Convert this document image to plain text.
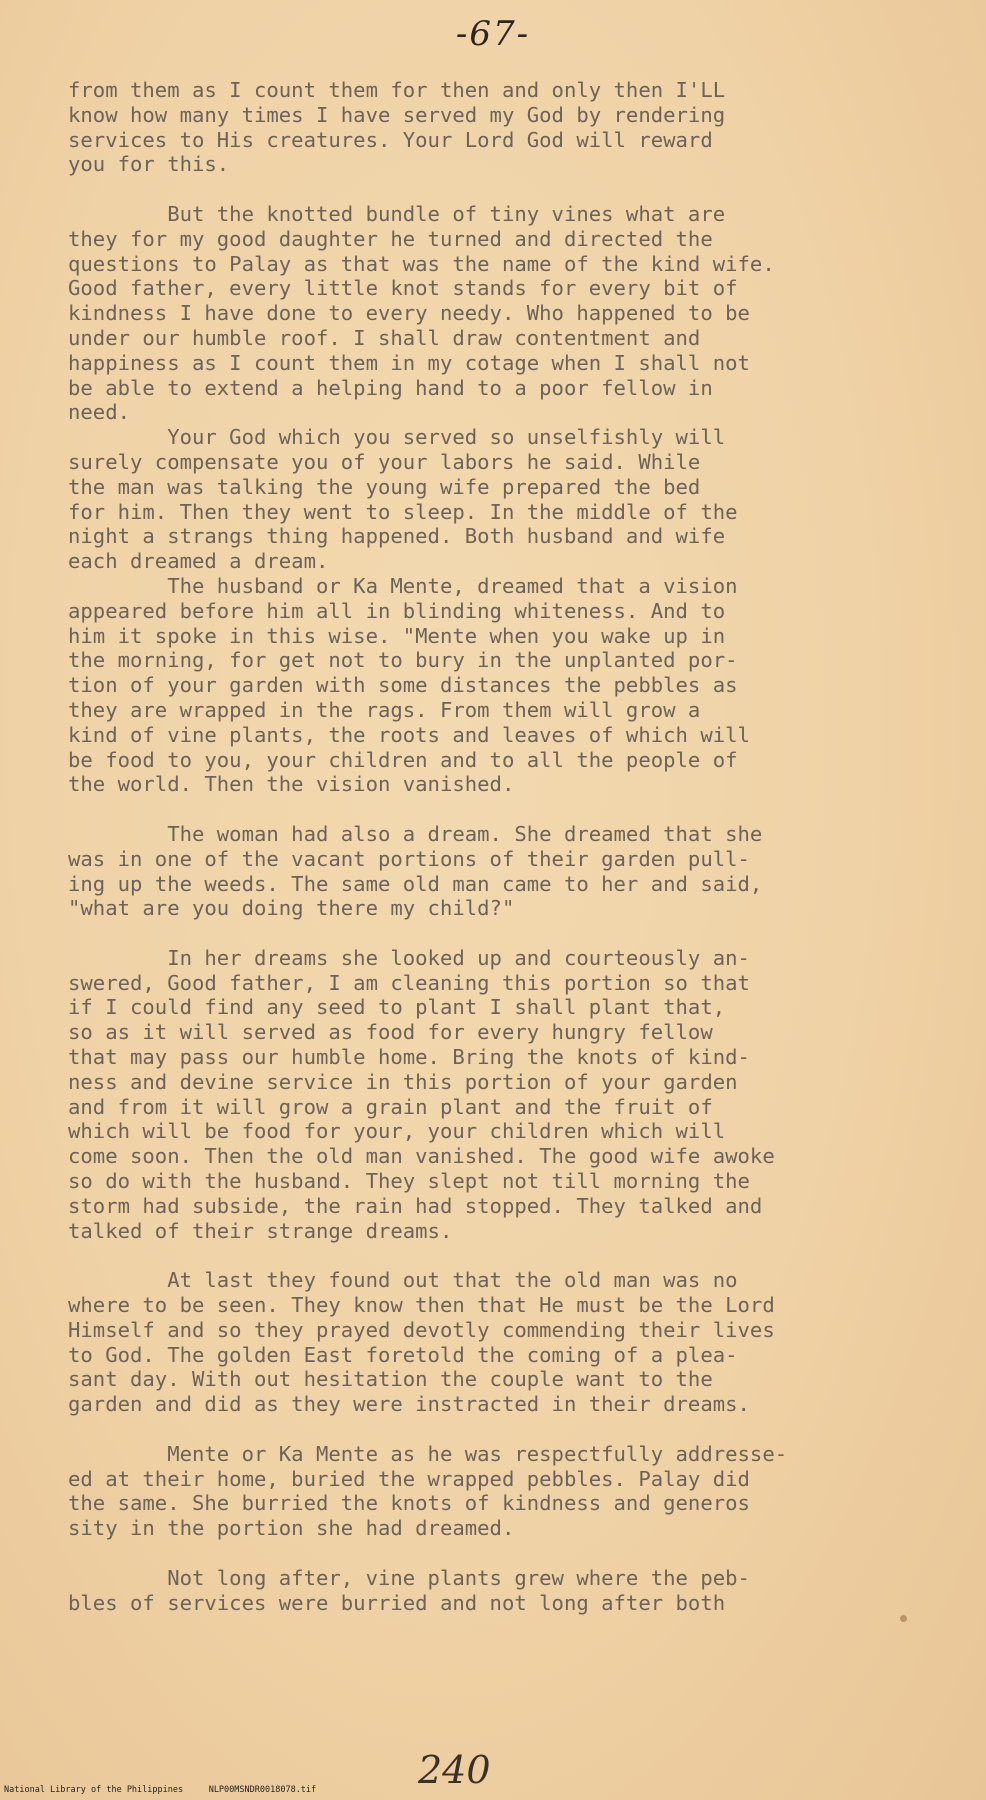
-67-
from them as I count them for then and only then I'LL
know how many times I have served my God by rendering
services to His creatures. Your Lord God will reward
you for this.
But the knotted bundle of tiny vines what are
they for my good daughter he turned and directed the
questions to Palay as that was the name of the kind wife.
Good father, every little knot stands for every bit of
kindness I have done to every needy. Who happened to be
under our humble roof. I shall draw contentment and
happiness as I count them in my cotage when I shall not
be able to extend a helping hand to a poor fellow in
need.
Your God which you served so unselfishly will
surely compensate you of your labors he said. While
the man was talking the young wife prepared the bed
for him. Then they went to sleep. In the middle of the
night a strangs thing happened. Both husband and wife
each dreamed a dream.
The husband or Ka Mente, dreamed that a vision
appeared before him all in blinding whiteness. And to
him it spoke in this wise. "Mente when you wake up in
the morning, for get not to bury in the unplanted por-
tion of your garden with some distances the pebbles as
they are wrapped in the rags. From them will grow a
kind of vine plants, the roots and leaves of which will
be food to you, your children and to all the people of
the world. Then the vision vanished.
The woman had also a dream. She dreamed that she
was in one of the vacant portions of their garden pull-
ing up the weeds. The same old man came to her and said,
"what are you doing there my child?"
In her dreams she looked up and courteously an-
swered, Good father, I am cleaning this portion so that
if I could find any seed to plant I shall plant that,
so as it will served as food for every hungry fellow
that may pass our humble home. Bring the knots of kind-
ness and devine service in this portion of your garden
and from it will grow a grain plant and the fruit of
which will be food for your, your children which will
come soon. Then the old man vanished. The good wife awoke
so do with the husband. They slept not till morning the
storm had subside, the rain had stopped. They talked and
talked of their strange dreams.
At last they found out that the old man was no
where to be seen. They know then that He must be the Lord
Himself and so they prayed devotly commending their lives
to God. The golden East foretold the coming of a plea-
sant day. With out hesitation the couple want to the
garden and did as they were instracted in their dreams.
Mente or Ka Mente as he was respectfully addresse-
ed at their home, buried the wrapped pebbles. Palay did
the same. She burried the knots of kindness and generos
sity in the portion she had dreamed.
Not long after, vine plants grew where the peb-
bles of services were burried and not long after both
240
National Library of the Philippines     NLP00MSNDR0018078.tif
